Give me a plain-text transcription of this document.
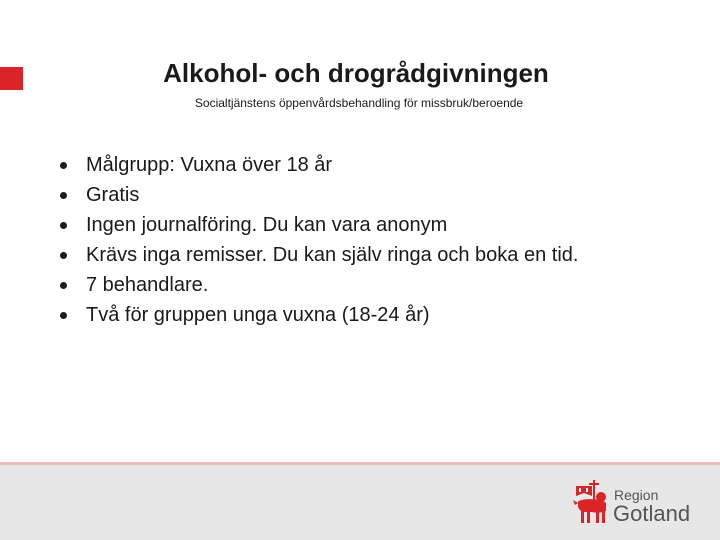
Alkohol- och drogrådgivningen
Socialtjänstens öppenvårdsbehandling för missbruk/beroende
Målgrupp: Vuxna över 18 år
Gratis
Ingen journalföring. Du kan vara anonym
Krävs inga remisser. Du kan själv ringa och boka en tid.
7 behandlare.
Två för gruppen unga vuxna (18-24 år)
Region
Gotland
